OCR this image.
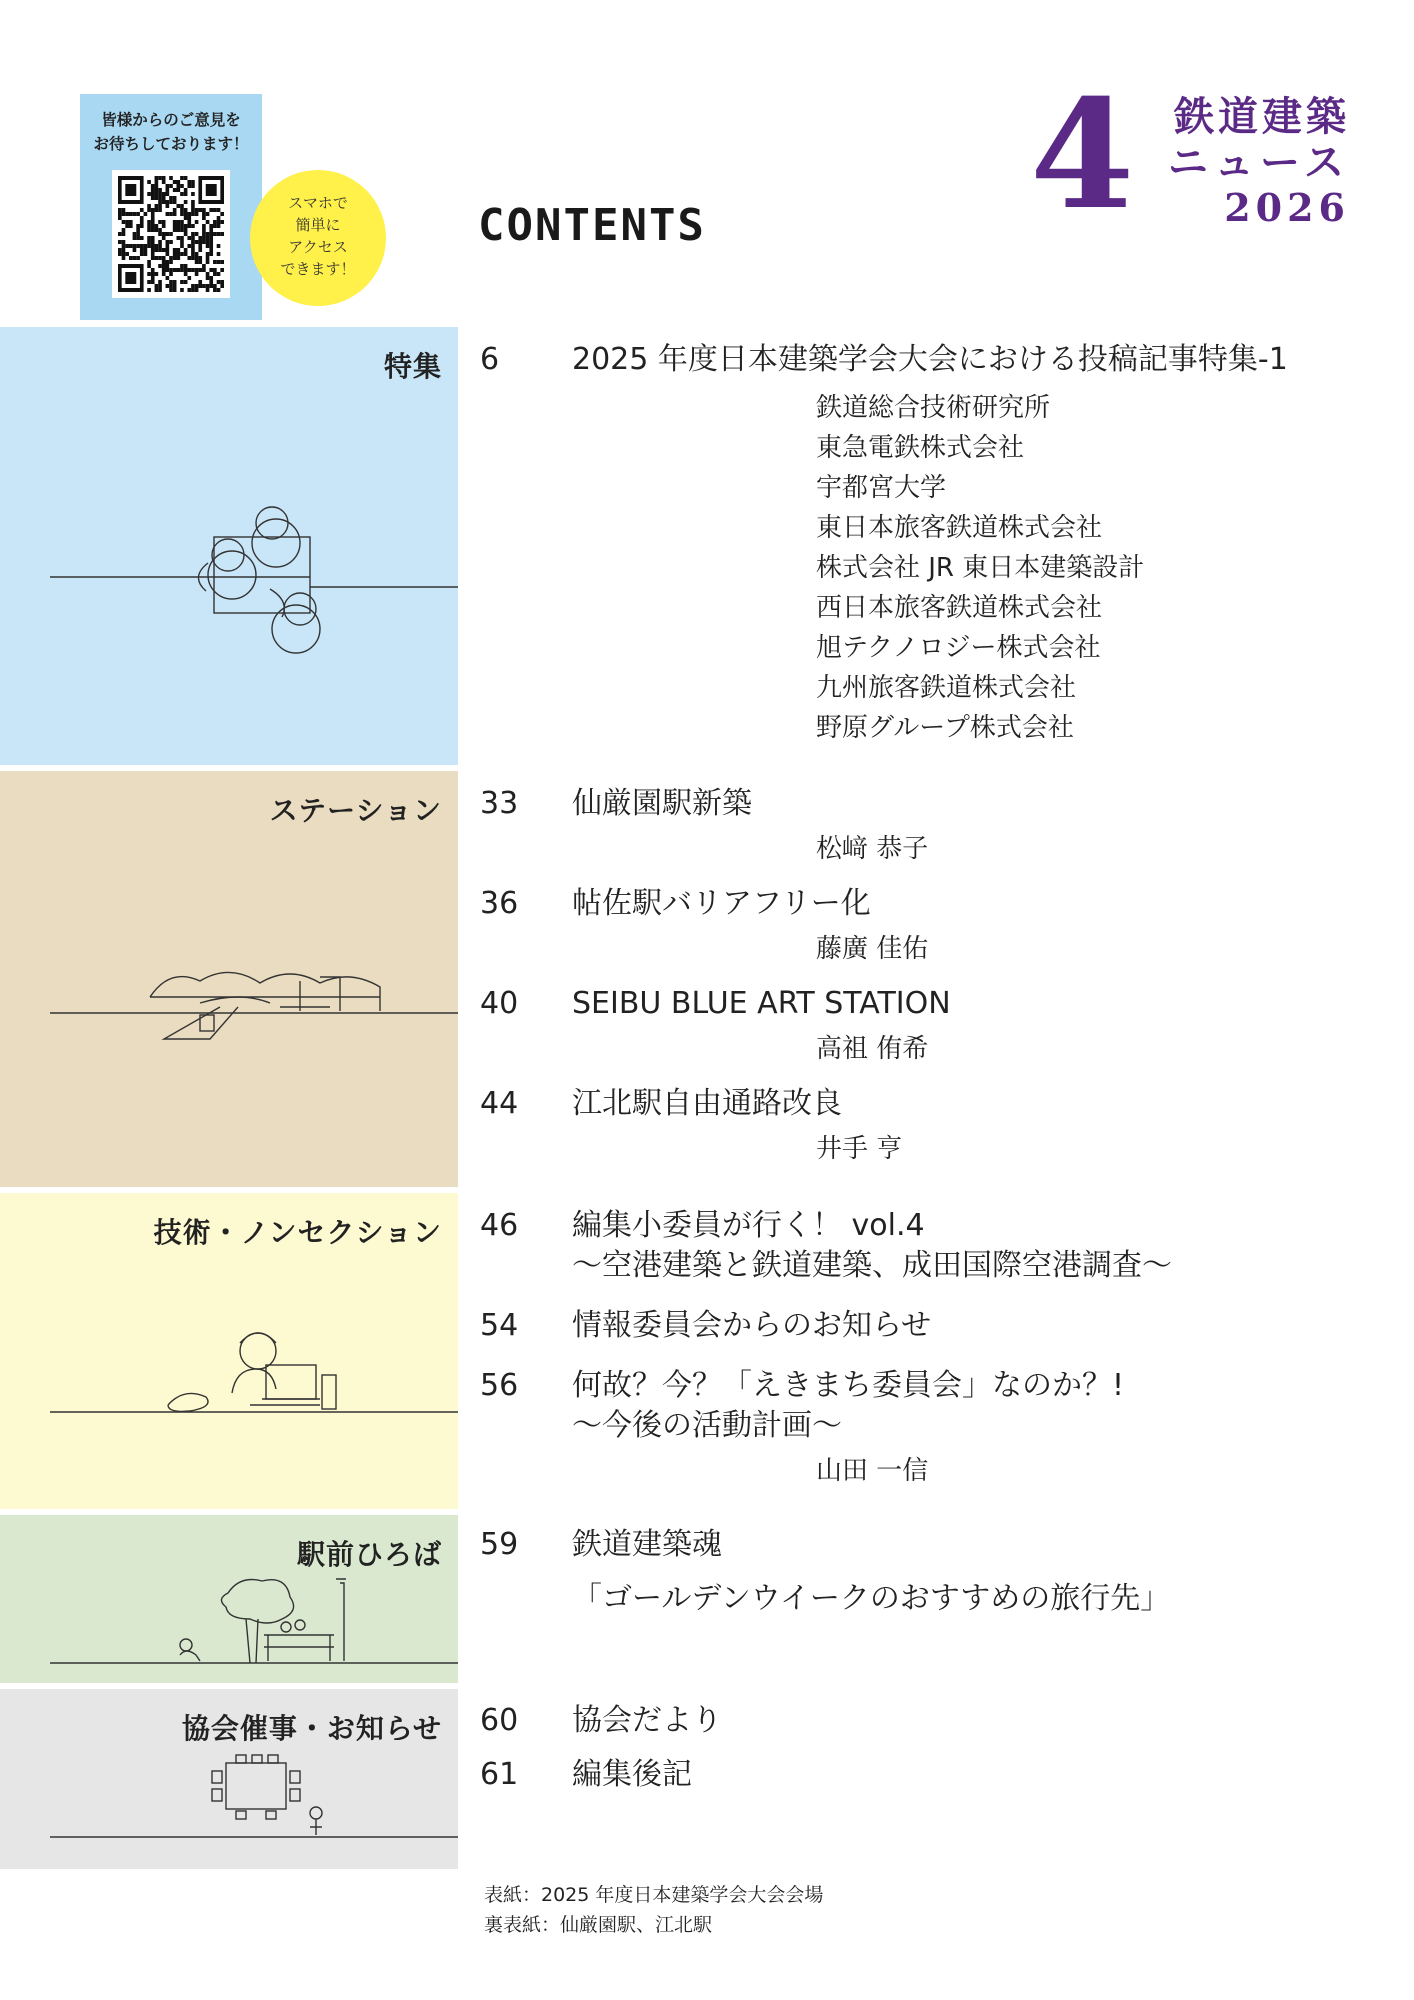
皆様からのご意見を
お待ちしております！
スマホで
簡単に
アクセス
できます！
CONTENTS 4 鉄道建築
ニュース
2026
特集
ステーション
技術・ノンセクション
駅前ひろば
協会催事・お知らせ
6	2025 年度日本建築学会大会における投稿記事特集-1
鉄道総合技術研究所
東急電鉄株式会社
宇都宮大学
東日本旅客鉄道株式会社
株式会社 JR 東日本建築設計
西日本旅客鉄道株式会社
旭テクノロジー株式会社
九州旅客鉄道株式会社
野原グループ株式会社
33	仙厳園駅新築
松﨑 恭子
36	帖佐駅バリアフリー化
藤廣 佳佑
40	SEIBU BLUE ART STATION
高祖 侑希
44	江北駅自由通路改良
井手 亨
46	編集小委員が行く！ vol.4
～空港建築と鉄道建築、成田国際空港調査～
54	情報委員会からのお知らせ
56	何故？今？「えきまち委員会」なのか？!
～今後の活動計画～
山田 一信
59	鉄道建築魂
「ゴールデンウイークのおすすめの旅行先」
60	協会だより
61	編集後記
表紙：2025 年度日本建築学会大会会場
裏表紙：仙厳園駅、江北駅
